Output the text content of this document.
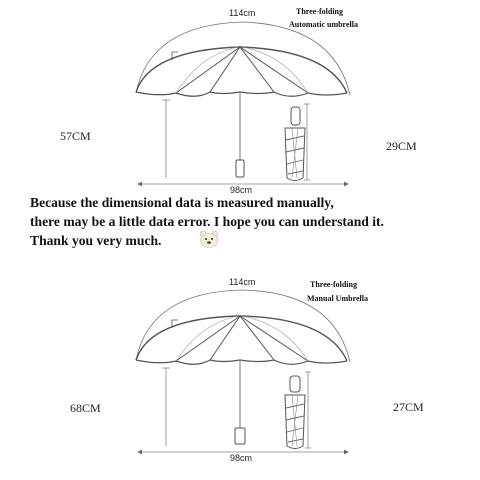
114cm	Three-folding
Automatic umbrella
57CM
98cm
29CM
114cm	Three-folding
Manual Umbrella
68CM
98cm
27CM
Because the dimensional data is measured manually,
there may be a little data error. I hope you can understand it.
Thank you very much.
